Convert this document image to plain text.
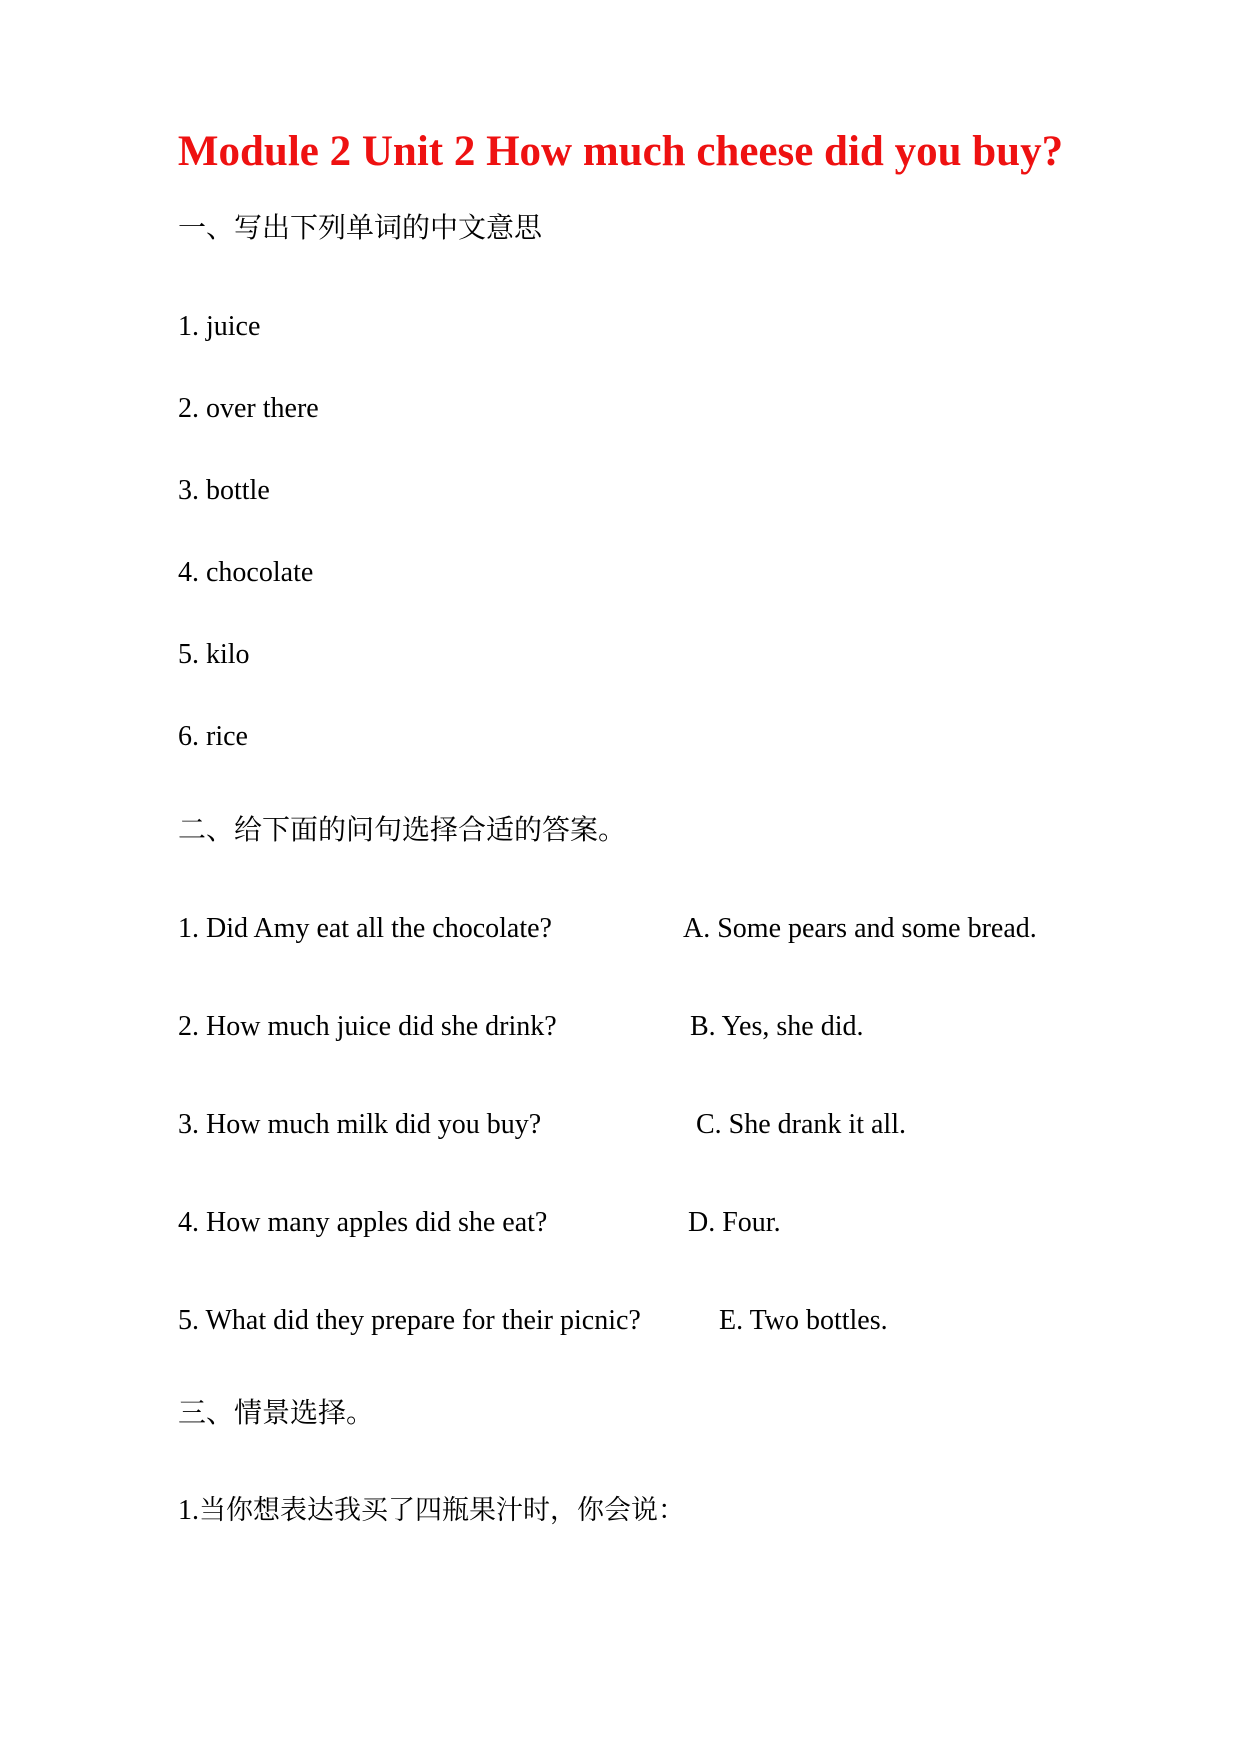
Module 2 Unit 2 How much cheese did you buy?
一、写出下列单词的中文意思
1. juice
2. over there
3. bottle
4. chocolate
5. kilo
6. rice
二、给下面的问句选择合适的答案。
1. Did Amy eat all the chocolate?	A. Some pears and some bread.
2. How much juice did she drink?	B. Yes, she did.
3. How much milk did you buy?	C. She drank it all.
4. How many apples did she eat?	D. Four.
5. What did they prepare for their picnic?	E. Two bottles.
三、情景选择。
1.当你想表达我买了四瓶果汁时，你会说：
